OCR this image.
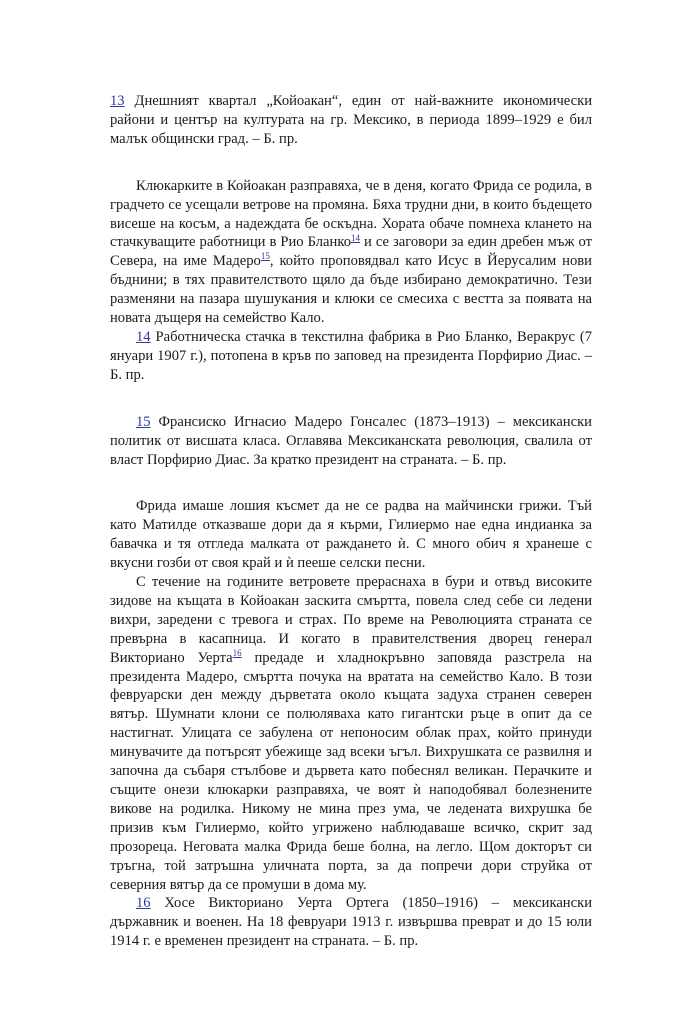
13 Днешният квартал „Койоакан“, един от най-важните икономически райони и център на културата на гр. Мексико, в периода 1899–1929 е бил малък общински град. – Б. пр.

Клюкарките в Койоакан разправяха, че в деня, когато Фрида се родила, в градчето се усещали ветрове на промяна. Бяха трудни дни, в които бъдещето висеше на косъм, а надеждата бе оскъдна. Хората обаче помнеха клането на стачкуващите работници в Рио Бланко$^{14}$ и се заговори за един дребен мъж от Севера, на име Мадеро$^{15}$, който проповядвал като Исус в Йерусалим нови бъднини; в тях правителството щяло да бъде избирано демократично. Тези разменяни на пазара шушукания и клюки се смесиха с вестта за появата на новата дъщеря на семейство Кало.

14 Работническа стачка в текстилна фабрика в Рио Бланко, Веракрус (7 януари 1907 г.), потопена в кръв по заповед на президента Порфирио Диас. – Б. пр.

15 Франсиско Игнасио Мадеро Гонсалес (1873–1913) – мексикански политик от висшата класа. Оглавява Мексиканската революция, свалила от власт Порфирио Диас. За кратко президент на страната. – Б. пр.

Фрида имаше лошия късмет да не се радва на майчински грижи. Тъй като Матилде отказваше дори да я кърми, Гилиермо нае една индианка за бавачка и тя отгледа малката от раждането ѝ. С много обич я хранеше с вкусни гозби от своя край и ѝ пееше селски песни.

С течение на годините ветровете прераснаха в бури и отвъд високите зидове на къщата в Койоакан заскита смъртта, повела след себе си ледени вихри, заредени с тревога и страх. По време на Революцията страната се превърна в касапница. И когато в правителствения дворец генерал Викториано Уерта$^{16}$ предаде и хладнокръвно заповяда разстрела на президента Мадеро, смъртта почука на вратата на семейство Кало. В този февруарски ден между дърветата около къщата задуха странен северен вятър. Шумнати клони се полюляваха като гигантски ръце в опит да се настигнат. Улицата се забулена от непоносим облак прах, който принуди минувачите да потърсят убежище зад всеки ъгъл. Вихрушката се развилня и започна да събаря стълбове и дървета като побеснял великан. Перачките и същите онези клюкарки разправяха, че воят ѝ наподобявал болезнените викове на родилка. Никому не мина през ума, че ледената вихрушка бе призив към Гилиермо, който угрижено наблюдаваше всичко, скрит зад прозореца. Неговата малка Фрида беше болна, на легло. Щом докторът си тръгна, той затръшна уличната порта, за да попречи дори струйка от северния вятър да се промуши в дома му.

16 Хосе Викториано Уерта Ортега (1850–1916) – мексикански държавник и военен. На 18 февруари 1913 г. извършва преврат и до 15 юли 1914 г. е временен президент на страната. – Б. пр.
